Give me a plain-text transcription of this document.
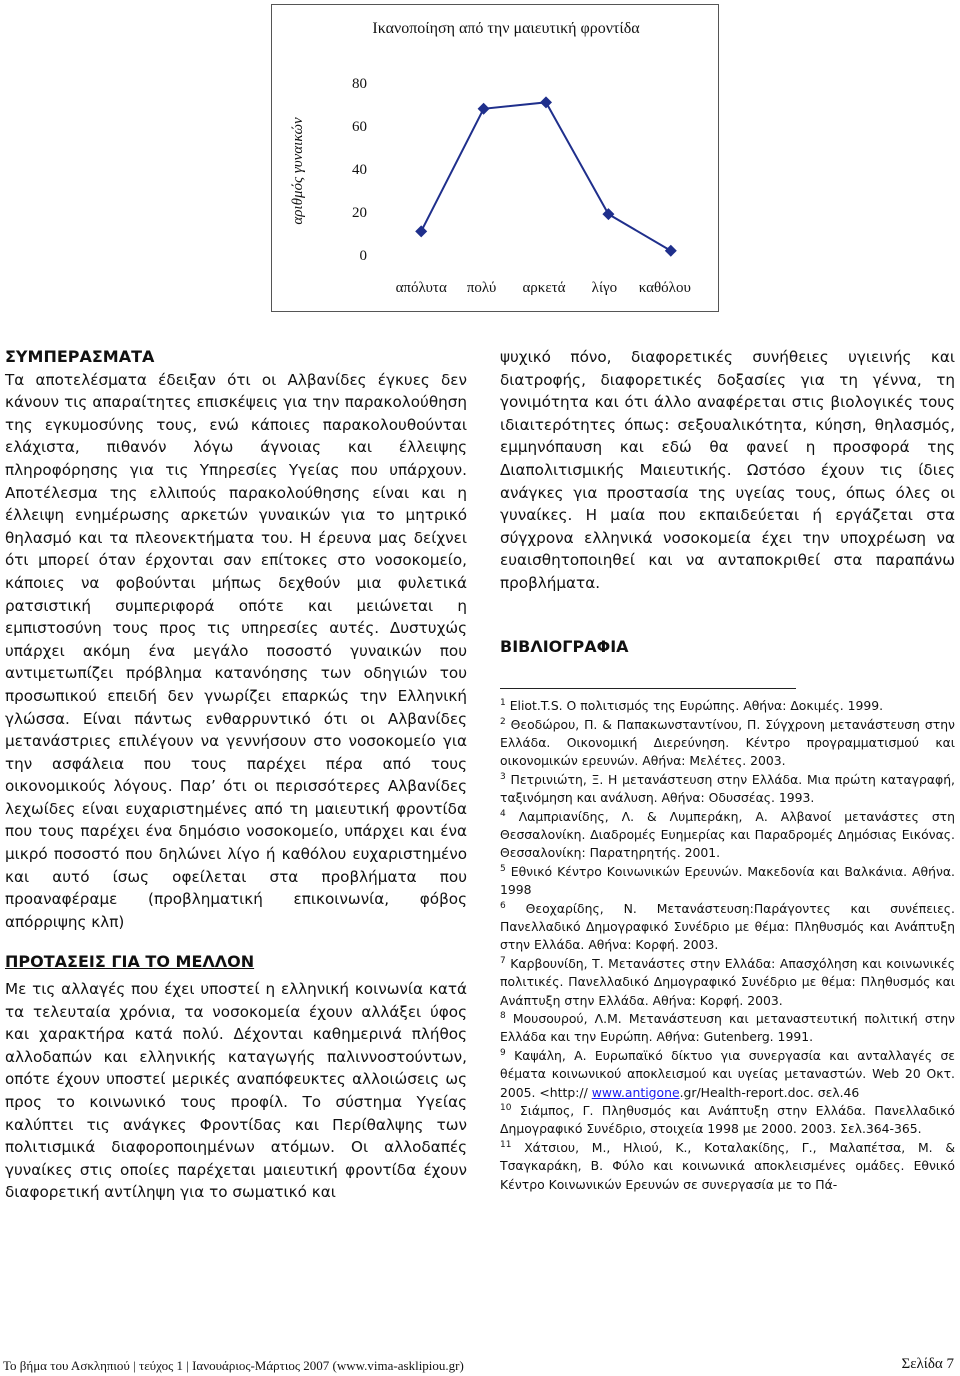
Ικανοποίηση από την μαιευτική φροντίδα
αριθμός γυναικών
0
20
40
60
80
απόλυτα πολύ αρκετά λίγο καθόλου
ΣΥΜΠΕΡΑΣΜΑΤΑ

Τα αποτελέσματα έδειξαν ότι οι Αλβανίδες έγκυες δεν κάνουν τις απαραίτητες επισκέψεις για την παρακολούθηση της εγκυμοσύνης τους, ενώ κάποιες παρακολουθούνται ελάχιστα, πιθανόν λόγω άγνοιας και έλλειψης πληροφόρησης για τις Υπηρεσίες Υγείας που υπάρχουν. Αποτέλεσμα της ελλιπούς παρακολούθησης είναι και η έλλειψη ενημέρωσης αρκετών γυναικών για το μητρικό θηλασμό και τα πλεονεκτήματα του. Η έρευνα μας δείχνει ότι μπορεί όταν έρχονται σαν επίτοκες στο νοσοκομείο, κάποιες να φοβούνται μήπως δεχθούν μια φυλετικά ρατσιστική συμπεριφορά οπότε και μειώνεται η εμπιστοσύνη τους προς τις υπηρεσίες αυτές. Δυστυχώς υπάρχει ακόμη ένα μεγάλο ποσοστό γυναικών που αντιμετωπίζει πρόβλημα κατανόησης των οδηγιών του προσωπικού επειδή δεν γνωρίζει επαρκώς την Ελληνική γλώσσα. Είναι πάντως ενθαρρυντικό ότι οι Αλβανίδες μετανάστριες επιλέγουν να γεννήσουν στο νοσοκομείο για την ασφάλεια που τους παρέχει πέρα από τους οικονομικούς λόγους. Παρ’ ότι οι περισσότερες Αλβανίδες λεχωίδες είναι ευχαριστημένες από τη μαιευτική φροντίδα που τους παρέχει ένα δημόσιο νοσοκομείο, υπάρχει και ένα μικρό ποσοστό που δηλώνει λίγο ή καθόλου ευχαριστημένο και αυτό ίσως οφείλεται στα προβλήματα που προαναφέραμε (προβληματική επικοινωνία, φόβος απόρριψης κλπ)

ΠΡΟΤΑΣΕΙΣ ΓΙΑ ΤΟ ΜΕΛΛΟΝ

Με τις αλλαγές που έχει υποστεί η ελληνική κοινωνία κατά τα τελευταία χρόνια, τα νοσοκομεία έχουν αλλάξει ύφος και χαρακτήρα κατά πολύ. Δέχονται καθημερινά πλήθος αλλοδαπών και ελληνικής καταγωγής παλιννοστούντων, οπότε έχουν υποστεί μερικές αναπόφευκτες αλλοιώσεις ως προς το κοινωνικό τους προφίλ. Το σύστημα Υγείας καλύπτει τις ανάγκες Φροντίδας και Περίθαλψης των πολιτισμικά διαφοροποιημένων ατόμων. Οι αλλοδαπές γυναίκες στις οποίες παρέχεται μαιευτική φροντίδα έχουν διαφορετική αντίληψη για το σωματικό και

ψυχικό πόνο, διαφορετικές συνήθειες υγιεινής και διατροφής, διαφορετικές δοξασίες για τη γέννα, τη γονιμότητα και ότι άλλο αναφέρεται στις βιολογικές τους ιδιαιτερότητες όπως: σεξουαλικότητα, κύηση, θηλασμός, εμμηνόπαυση και εδώ θα φανεί η προσφορά της Διαπολιτισμικής Μαιευτικής. Ωστόσο έχουν τις ίδιες ανάγκες για προστασία της υγείας τους, όπως όλες οι γυναίκες. Η μαία που εκπαιδεύεται ή εργάζεται στα σύγχρονα ελληνικά νοσοκομεία έχει την υποχρέωση να ευαισθητοποιηθεί και να ανταποκριθεί στα παραπάνω προβλήματα.

ΒΙΒΛΙΟΓΡΑΦΙΑ

$^1$ Eliot.T.S. Ο πολιτισμός της Ευρώπης. Αθήνα: Δοκιμές. 1999.

$^2$ Θεοδώρου, Π. & Παπακωνσταντίνου, Π. Σύγχρονη μετανάστευση στην Ελλάδα. Οικονομική Διερεύνηση. Κέντρο προγραμματισμού και οικονομικών ερευνών. Αθήνα: Μελέτες. 2003.

$^3$ Πετρινιώτη, Ξ. Η μετανάστευση στην Ελλάδα. Μια πρώτη καταγραφή, ταξινόμηση και ανάλυση. Αθήνα: Οδυσσέας. 1993.

$^4$ Λαμπριανίδης, Λ. & Λυμπεράκη, Α. Αλβανοί μετανάστες στη Θεσσαλονίκη. Διαδρομές Ευημερίας και Παραδρομές Δημόσιας Εικόνας. Θεσσαλονίκη: Παρατηρητής. 2001.

$^5$ Εθνικό Κέντρο Κοινωνικών Ερευνών. Μακεδονία και Βαλκάνια. Αθήνα. 1998

$^6$ Θεοχαρίδης, Ν. Μετανάστευση:Παράγοντες και συνέπειες. Πανελλαδικό Δημογραφικό Συνέδριο με θέμα: Πληθυσμός και Ανάπτυξη στην Ελλάδα. Αθήνα: Κορφή. 2003.

$^7$ Καρβουνίδη, Τ. Μετανάστες στην Ελλάδα: Απασχόληση και κοινωνικές πολιτικές. Πανελλαδικό Δημογραφικό Συνέδριο με θέμα: Πληθυσμός και Ανάπτυξη στην Ελλάδα. Αθήνα: Κορφή. 2003.

$^8$ Μουσουρού, Λ.Μ. Μετανάστευση και μεταναστευτική πολιτική στην Ελλάδα και την Ευρώπη. Αθήνα: Gutenberg. 1991.

$^9$ Καψάλη, Α. Ευρωπαϊκό δίκτυο για συνεργασία και ανταλλαγές σε θέματα κοινωνικού αποκλεισμού και υγείας μεταναστών. Web 20 Οκτ. 2005. <http:// www.antigone.gr/Health-report.doc. σελ.46

$^{10}$ Σιάμπος, Γ. Πληθυσμός και Ανάπτυξη στην Ελλάδα. Πανελλαδικό Δημογραφικό Συνέδριο, στοιχεία 1998 με 2000. 2003. Σελ.364-365.

$^{11}$ Χάτσιου, Μ., Ηλιού, Κ., Κοταλακίδης, Γ., Μαλαπέτσα, Μ. & Τσαγκαράκη, Β. Φύλο και κοινωνικά αποκλεισμένες ομάδες. Εθνικό Κέντρο Κοινωνικών Ερευνών σε συνεργασία με το Πά-

Το βήμα του Ασκληπιού | τεύχος 1 | Ιανουάριος-Μάρτιος 2007 (www.vima-asklipiou.gr)	Σελίδα 7
